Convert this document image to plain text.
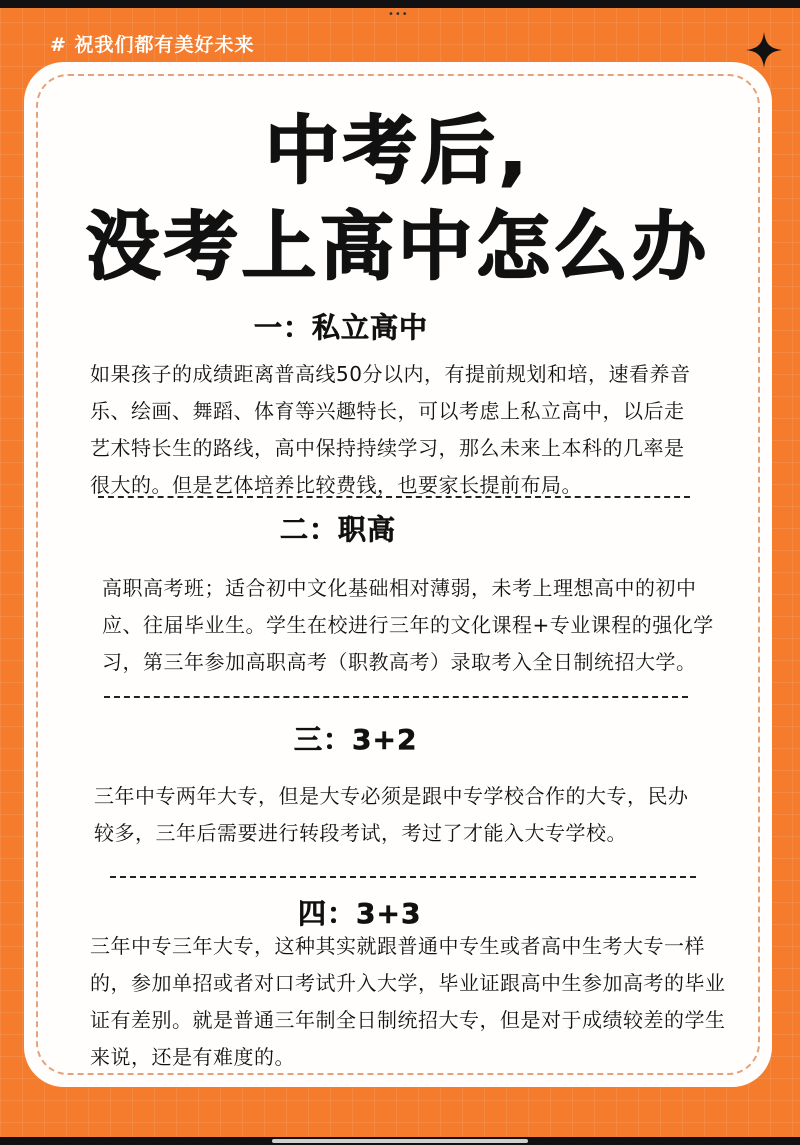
•••
# 祝我们都有美好未来
中考后,
没考上高中怎么办
一：私立高中
如果孩子的成绩距离普高线50分以内，有提前规划和培，速看养音
乐、绘画、舞蹈、体育等兴趣特长，可以考虑上私立高中，以后走
艺术特长生的路线，高中保持持续学习，那么未来上本科的几率是
很大的。但是艺体培养比较费钱，也要家长提前布局。
二：职高
高职高考班；适合初中文化基础相对薄弱，未考上理想高中的初中
应、往届毕业生。学生在校进行三年的文化课程+专业课程的强化学
习，第三年参加高职高考（职教高考）录取考入全日制统招大学。
三：3+2
三年中专两年大专，但是大专必须是跟中专学校合作的大专，民办
较多，三年后需要进行转段考试，考过了才能入大专学校。
四：3+3
三年中专三年大专，这种其实就跟普通中专生或者高中生考大专一样
的，参加单招或者对口考试升入大学，毕业证跟高中生参加高考的毕业
证有差别。就是普通三年制全日制统招大专，但是对于成绩较差的学生
来说，还是有难度的。
